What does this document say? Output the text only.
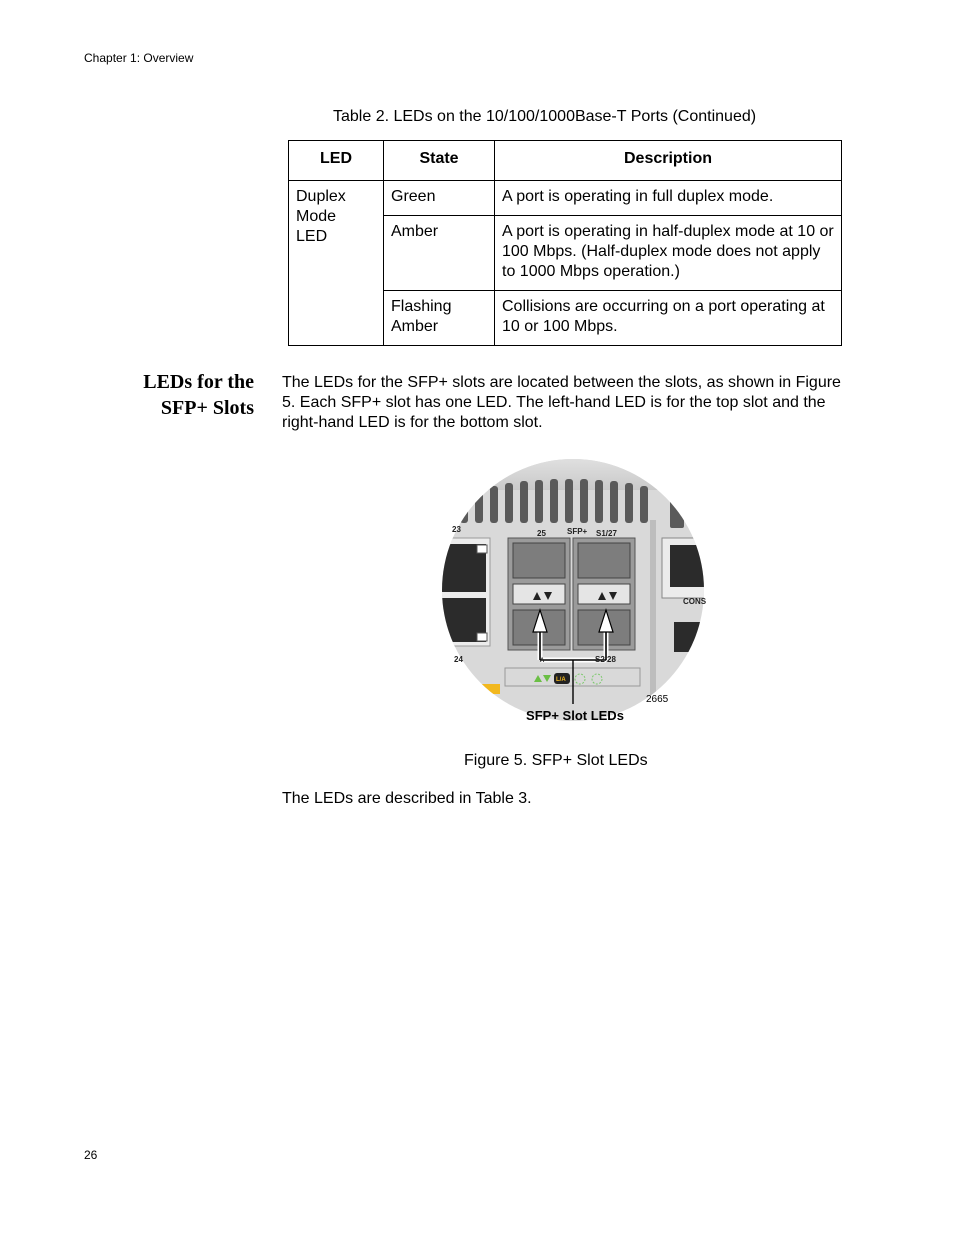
Chapter 1: Overview
Table 2. LEDs on the 10/100/1000Base-T Ports (Continued)
LED	State	Description

Duplex
Mode
LED	Green	A port is operating in full duplex mode.
	Amber	A port is operating in half-duplex mode at 10 or 100 Mbps. (Half-duplex mode does not apply to 1000 Mbps operation.)

	Flashing
Amber	Collisions are occurring on a port operating at 10 or 100 Mbps.
LEDs for the
SFP+ Slots
The LEDs for the SFP+ slots are located between the slots, as shown in Figure 5. Each SFP+ slot has one LED. The left-hand LED is for the top slot and the right-hand LED is for the bottom slot.
23
24
25	SFP+ S1/27
S2 28
CONS
A
L/A
2665
SFP+ Slot LEDs
Figure 5. SFP+ Slot LEDs
The LEDs are described in Table 3.
26
